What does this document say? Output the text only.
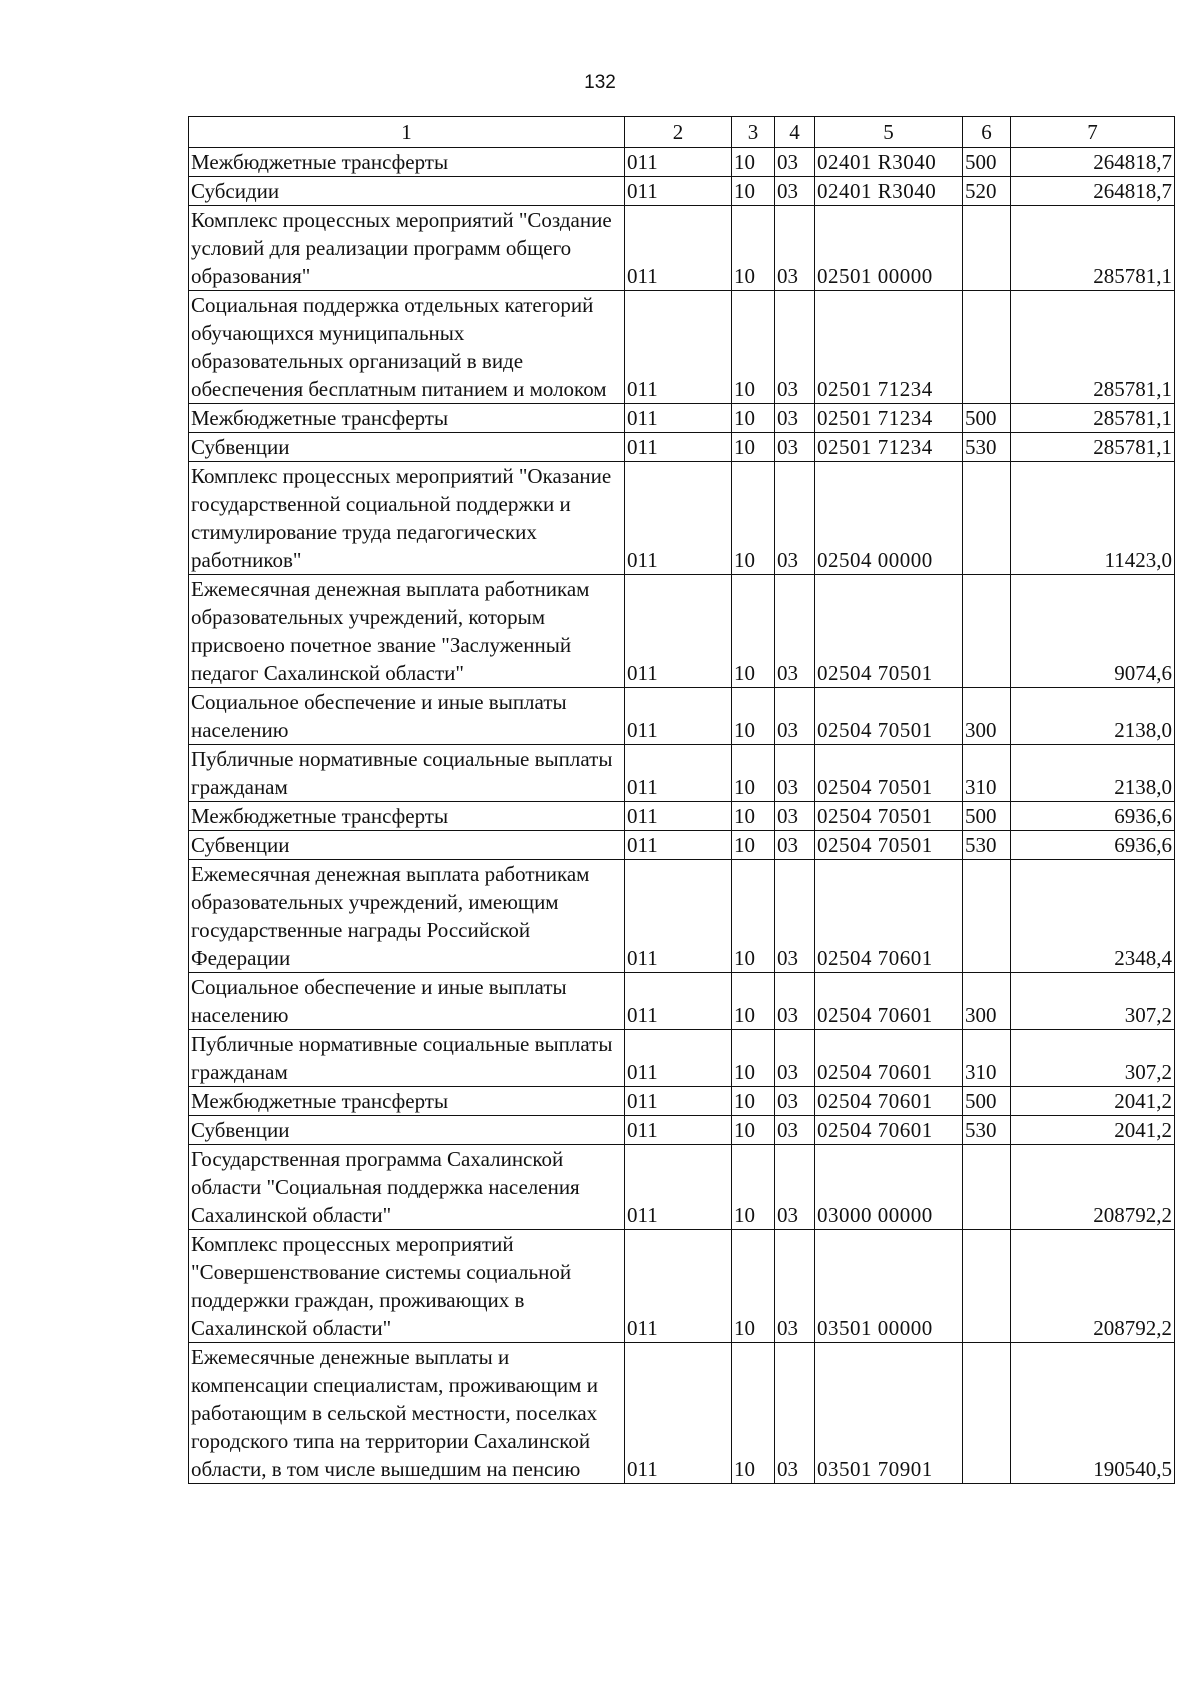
132
1	2	3	4	5	6	7
Межбюджетные трансферты	011	10	03	02401 R3040	500	264818,7
Субсидии	011	10	03	02401 R3040	520	264818,7
Комплекс процессных мероприятий "Создание условий для реализации программ общего образования"	011	10	03	02501 00000		285781,1
Социальная поддержка отдельных категорий обучающихся муниципальных образовательных организаций в виде обеспечения бесплатным питанием и молоком	011	10	03	02501 71234		285781,1
Межбюджетные трансферты	011	10	03	02501 71234	500	285781,1
Субвенции	011	10	03	02501 71234	530	285781,1
Комплекс процессных мероприятий "Оказание государственной социальной поддержки и стимулирование труда педагогических работников"	011	10	03	02504 00000		11423,0
Ежемесячная денежная выплата работникам образовательных учреждений, которым присвоено почетное звание "Заслуженный педагог Сахалинской области"	011	10	03	02504 70501		9074,6
Социальное обеспечение и иные выплаты населению	011	10	03	02504 70501	300	2138,0
Публичные нормативные социальные выплаты гражданам	011	10	03	02504 70501	310	2138,0
Межбюджетные трансферты	011	10	03	02504 70501	500	6936,6
Субвенции	011	10	03	02504 70501	530	6936,6
Ежемесячная денежная выплата работникам образовательных учреждений, имеющим государственные награды Российской Федерации	011	10	03	02504 70601		2348,4
Социальное обеспечение и иные выплаты населению	011	10	03	02504 70601	300	307,2
Публичные нормативные социальные выплаты гражданам	011	10	03	02504 70601	310	307,2
Межбюджетные трансферты	011	10	03	02504 70601	500	2041,2
Субвенции	011	10	03	02504 70601	530	2041,2
Государственная программа Сахалинской области "Социальная поддержка населения Сахалинской области"	011	10	03	03000 00000		208792,2
Комплекс процессных мероприятий "Совершенствование системы социальной поддержки граждан, проживающих в Сахалинской области"	011	10	03	03501 00000		208792,2
Ежемесячные денежные выплаты и компенсации специалистам, проживающим и работающим в сельской местности, поселках городского типа на территории Сахалинской области, в том числе вышедшим на пенсию	011	10	03	03501 70901		190540,5
